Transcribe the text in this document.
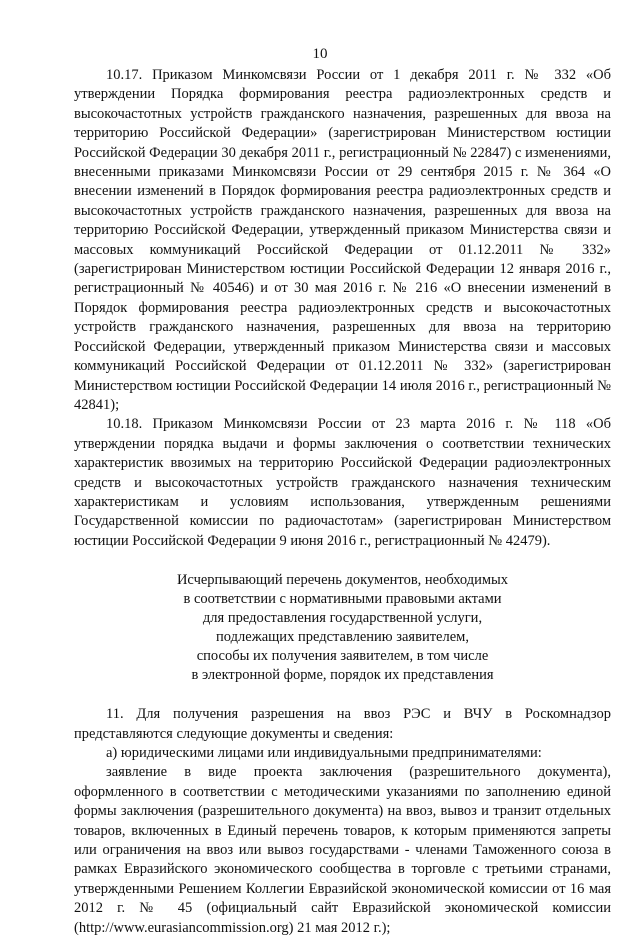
10

10.17. Приказом Минкомсвязи России от 1 декабря 2011 г. № 332 «Об утверждении Порядка формирования реестра радиоэлектронных средств и высокочастотных устройств гражданского назначения, разрешенных для ввоза на территорию Российской Федерации» (зарегистрирован Министерством юстиции Российской Федерации 30 декабря 2011 г., регистрационный № 22847) с изменениями, внесенными приказами Минкомсвязи России от 29 сентября 2015 г. № 364 «О внесении изменений в Порядок формирования реестра радиоэлектронных средств и высокочастотных устройств гражданского назначения, разрешенных для ввоза на территорию Российской Федерации, утвержденный приказом Министерства связи и массовых коммуникаций Российской Федерации от 01.12.2011 № 332» (зарегистрирован Министерством юстиции Российской Федерации 12 января 2016 г., регистрационный № 40546) и от 30 мая 2016 г. № 216 «О внесении изменений в Порядок формирования реестра радиоэлектронных средств и высокочастотных устройств гражданского назначения, разрешенных для ввоза на территорию Российской Федерации, утвержденный приказом Министерства связи и массовых коммуникаций Российской Федерации от 01.12.2011 № 332» (зарегистрирован Министерством юстиции Российской Федерации 14 июля 2016 г., регистрационный № 42841);

10.18. Приказом Минкомсвязи России от 23 марта 2016 г. № 118 «Об утверждении порядка выдачи и формы заключения о соответствии технических характеристик ввозимых на территорию Российской Федерации радиоэлектронных средств и высокочастотных устройств гражданского назначения техническим характеристикам и условиям использования, утвержденным решениями Государственной комиссии по радиочастотам» (зарегистрирован Министерством юстиции Российской Федерации 9 июня 2016 г., регистрационный № 42479).

Исчерпывающий перечень документов, необходимых
в соответствии с нормативными правовыми актами
для предоставления государственной услуги,
подлежащих представлению заявителем,
способы их получения заявителем, в том числе
в электронной форме, порядок их представления

11. Для получения разрешения на ввоз РЭС и ВЧУ в Роскомнадзор представляются следующие документы и сведения:

а) юридическими лицами или индивидуальными предпринимателями:

заявление в виде проекта заключения (разрешительного документа), оформленного в соответствии с методическими указаниями по заполнению единой формы заключения (разрешительного документа) на ввоз, вывоз и транзит отдельных товаров, включенных в Единый перечень товаров, к которым применяются запреты или ограничения на ввоз или вывоз государствами - членами Таможенного союза в рамках Евразийского экономического сообщества в торговле с третьими странами, утвержденными Решением Коллегии Евразийской экономической комиссии от 16 мая 2012 г. № 45 (официальный сайт Евразийской экономической комиссии (http://www.eurasiancommission.org) 21 мая 2012 г.);
